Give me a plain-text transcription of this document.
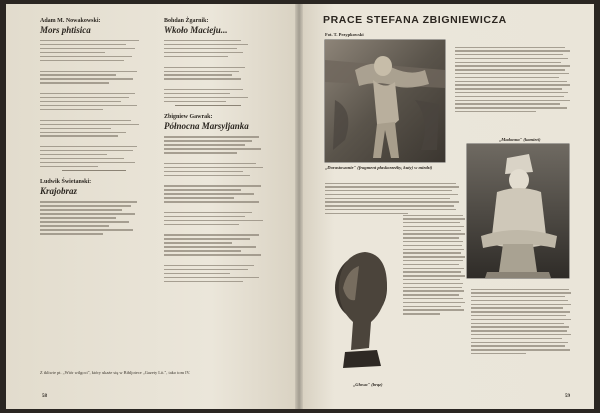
Adam M. Nowakowski:
Mors phtisica
Ludwik Świetanski:
Krajobraz
Bohdan Żgarnik:
Wkoło Macieju...
Zbigniew Gawrak:
Północna Marsyljanka
Z tkliwie pt. „Wiór wilgoci", który ukaże się w Bibljotece „Gazety Lit.", tako tom IV.
58
PRACE STEFANA ZBIGNIEWICZA
Fot. T. Przypkowski
„Dorastowanie" (fragment płaskorzeźby, kuty) w miedzi)
„Madonna" (kamień)
„Głowa" (brąz)
59
